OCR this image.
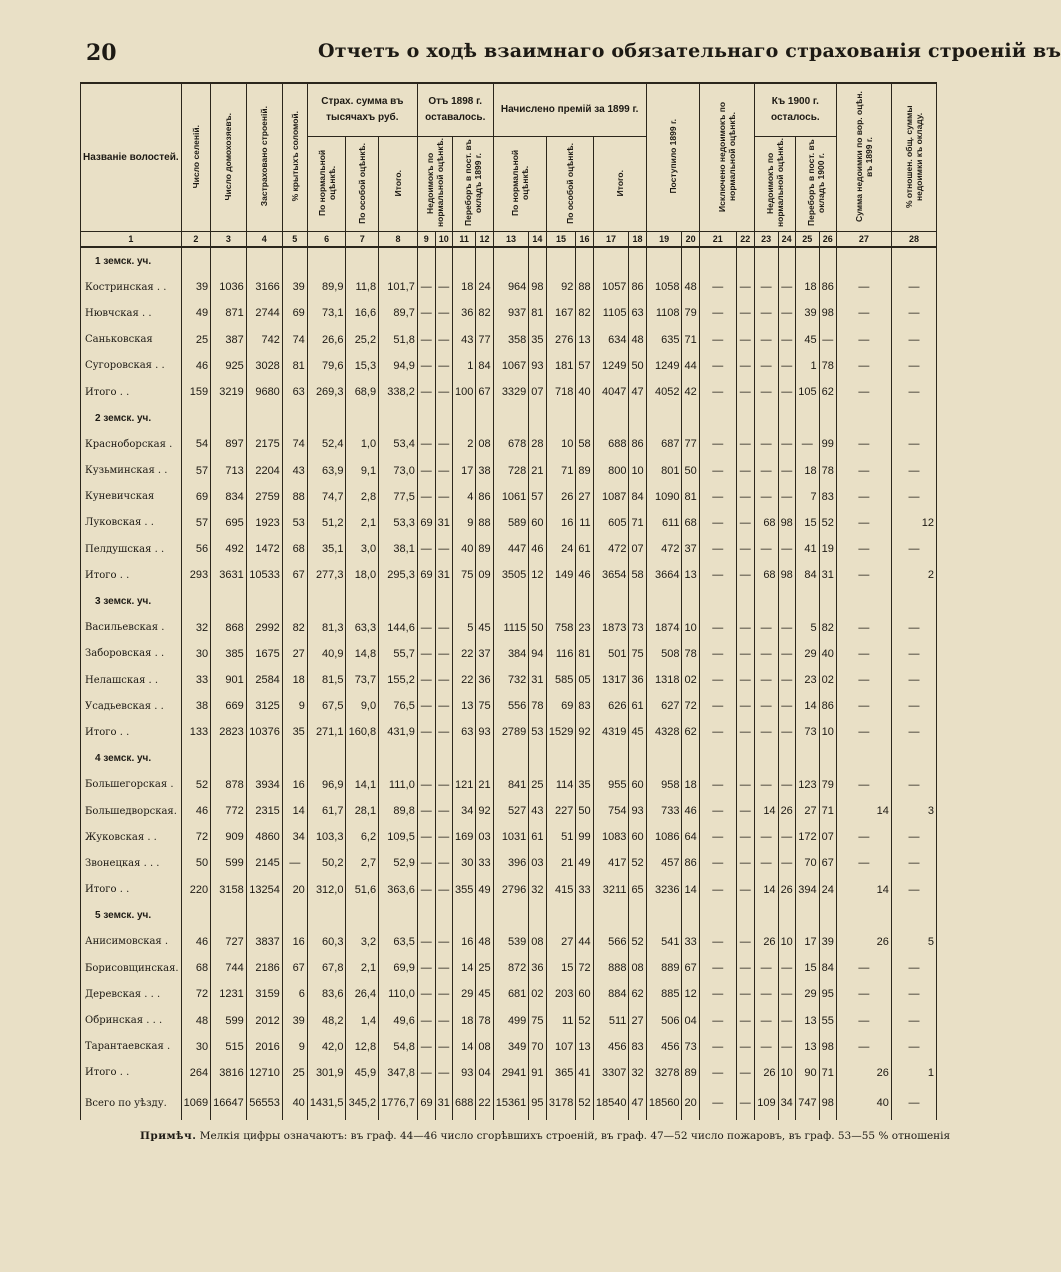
20	Отчетъ о ходѣ взаимнаго обязательнаго страхованія строеній въ
Названіе волостей.	Число селеній.	Число домохозяевъ.	Застраховано строеній.	% крытыхъ соломой.	Страх. сумма въ тысячахъ руб.			Отъ 1898 г. оставалось.				Начислено премій за 1899 г.						Поступило 1899 г.		Исключено недоимокъ по нормальной оцѣнкѣ.		Къ 1900 г. осталось.				Сумма недоимки по вор. оцѣн. въ 1899 г.	% отношен. общ. суммы недоимки къ окладу.
					По нормальной оцѣнкѣ.	По особой оцѣнкѣ.	Итого.	Недоимокъ по нормальной оцѣнкѣ.		Переборъ в пост. въ окладъ 1899 г.		По нормальной оцѣнкѣ.		По особой оцѣнкѣ.		Итого.						Недоимокъ по нормальной оцѣнкѣ.		Переборъ в пост. въ окладъ 1900 г.			
1	2	3	4	5	6	7	8	9	10	11	12	13	14	15	16	17	18	19	20	21	22	23	24	25	26	27	28
1 земск. уч.																											
Костринская . .	39	1036	3166	39	89,9	11,8	101,7	—	—	18	24	964	98	92	88	1057	86	1058	48	—	—	—	—	18	86	—	—
Нювчская . .	49	871	2744	69	73,1	16,6	89,7	—	—	36	82	937	81	167	82	1105	63	1108	79	—	—	—	—	39	98	—	—
Саньковская	25	387	742	74	26,6	25,2	51,8	—	—	43	77	358	35	276	13	634	48	635	71	—	—	—	—	45	—	—	—
Сугоровская . .	46	925	3028	81	79,6	15,3	94,9	—	—	1	84	1067	93	181	57	1249	50	1249	44	—	—	—	—	1	78	—	—
Итого . .	159	3219	9680	63	269,3	68,9	338,2	—	—	100	67	3329	07	718	40	4047	47	4052	42	—	—	—	—	105	62	—	—
2 земск. уч.																											
Красноборская .	54	897	2175	74	52,4	1,0	53,4	—	—	2	08	678	28	10	58	688	86	687	77	—	—	—	—	—	99	—	—
Кузьминская . .	57	713	2204	43	63,9	9,1	73,0	—	—	17	38	728	21	71	89	800	10	801	50	—	—	—	—	18	78	—	—
Куневичская	69	834	2759	88	74,7	2,8	77,5	—	—	4	86	1061	57	26	27	1087	84	1090	81	—	—	—	—	7	83	—	—
Луковская . .	57	695	1923	53	51,2	2,1	53,3	69	31	9	88	589	60	16	11	605	71	611	68	—	—	68	98	15	52	—	12
Пелдушская . .	56	492	1472	68	35,1	3,0	38,1	—	—	40	89	447	46	24	61	472	07	472	37	—	—	—	—	41	19	—	—
Итого . .	293	3631	10533	67	277,3	18,0	295,3	69	31	75	09	3505	12	149	46	3654	58	3664	13	—	—	68	98	84	31	—	2
3 земск. уч.																											
Васильевская .	32	868	2992	82	81,3	63,3	144,6	—	—	5	45	1115	50	758	23	1873	73	1874	10	—	—	—	—	5	82	—	—
Заборовская . .	30	385	1675	27	40,9	14,8	55,7	—	—	22	37	384	94	116	81	501	75	508	78	—	—	—	—	29	40	—	—
Нелашская . .	33	901	2584	18	81,5	73,7	155,2	—	—	22	36	732	31	585	05	1317	36	1318	02	—	—	—	—	23	02	—	—
Усадьевская . .	38	669	3125	9	67,5	9,0	76,5	—	—	13	75	556	78	69	83	626	61	627	72	—	—	—	—	14	86	—	—
Итого . .	133	2823	10376	35	271,1	160,8	431,9	—	—	63	93	2789	53	1529	92	4319	45	4328	62	—	—	—	—	73	10	—	—
4 земск. уч.																											
Большегорская .	52	878	3934	16	96,9	14,1	111,0	—	—	121	21	841	25	114	35	955	60	958	18	—	—	—	—	123	79	—	—
Большедворская.	46	772	2315	14	61,7	28,1	89,8	—	—	34	92	527	43	227	50	754	93	733	46	—	—	14	26	27	71	14	3
Жуковская . .	72	909	4860	34	103,3	6,2	109,5	—	—	169	03	1031	61	51	99	1083	60	1086	64	—	—	—	—	172	07	—	—
Звонецкая . . .	50	599	2145	—	50,2	2,7	52,9	—	—	30	33	396	03	21	49	417	52	457	86	—	—	—	—	70	67	—	—
Итого . .	220	3158	13254	20	312,0	51,6	363,6	—	—	355	49	2796	32	415	33	3211	65	3236	14	—	—	14	26	394	24	14	—
5 земск. уч.																											
Анисимовская .	46	727	3837	16	60,3	3,2	63,5	—	—	16	48	539	08	27	44	566	52	541	33	—	—	26	10	17	39	26	5
Борисовщинская.	68	744	2186	67	67,8	2,1	69,9	—	—	14	25	872	36	15	72	888	08	889	67	—	—	—	—	15	84	—	—
Деревская . . .	72	1231	3159	6	83,6	26,4	110,0	—	—	29	45	681	02	203	60	884	62	885	12	—	—	—	—	29	95	—	—
Обринская . . .	48	599	2012	39	48,2	1,4	49,6	—	—	18	78	499	75	11	52	511	27	506	04	—	—	—	—	13	55	—	—
Тарантаевская .	30	515	2016	9	42,0	12,8	54,8	—	—	14	08	349	70	107	13	456	83	456	73	—	—	—	—	13	98	—	—
Итого . .	264	3816	12710	25	301,9	45,9	347,8	—	—	93	04	2941	91	365	41	3307	32	3278	89	—	—	26	10	90	71	26	1
Всего по уѣзду.	1069	16647	56553	40	1431,5	345,2	1776,7	69	31	688	22	15361	95	3178	52	18540	47	18560	20	—	—	109	34	747	98	40	—
Примѣч. Мелкія цифры означаютъ: въ граф. 44—46 число сгорѣвшихъ строеній, въ граф. 47—52 число пожаровъ, въ граф. 53—55 % отношенія
